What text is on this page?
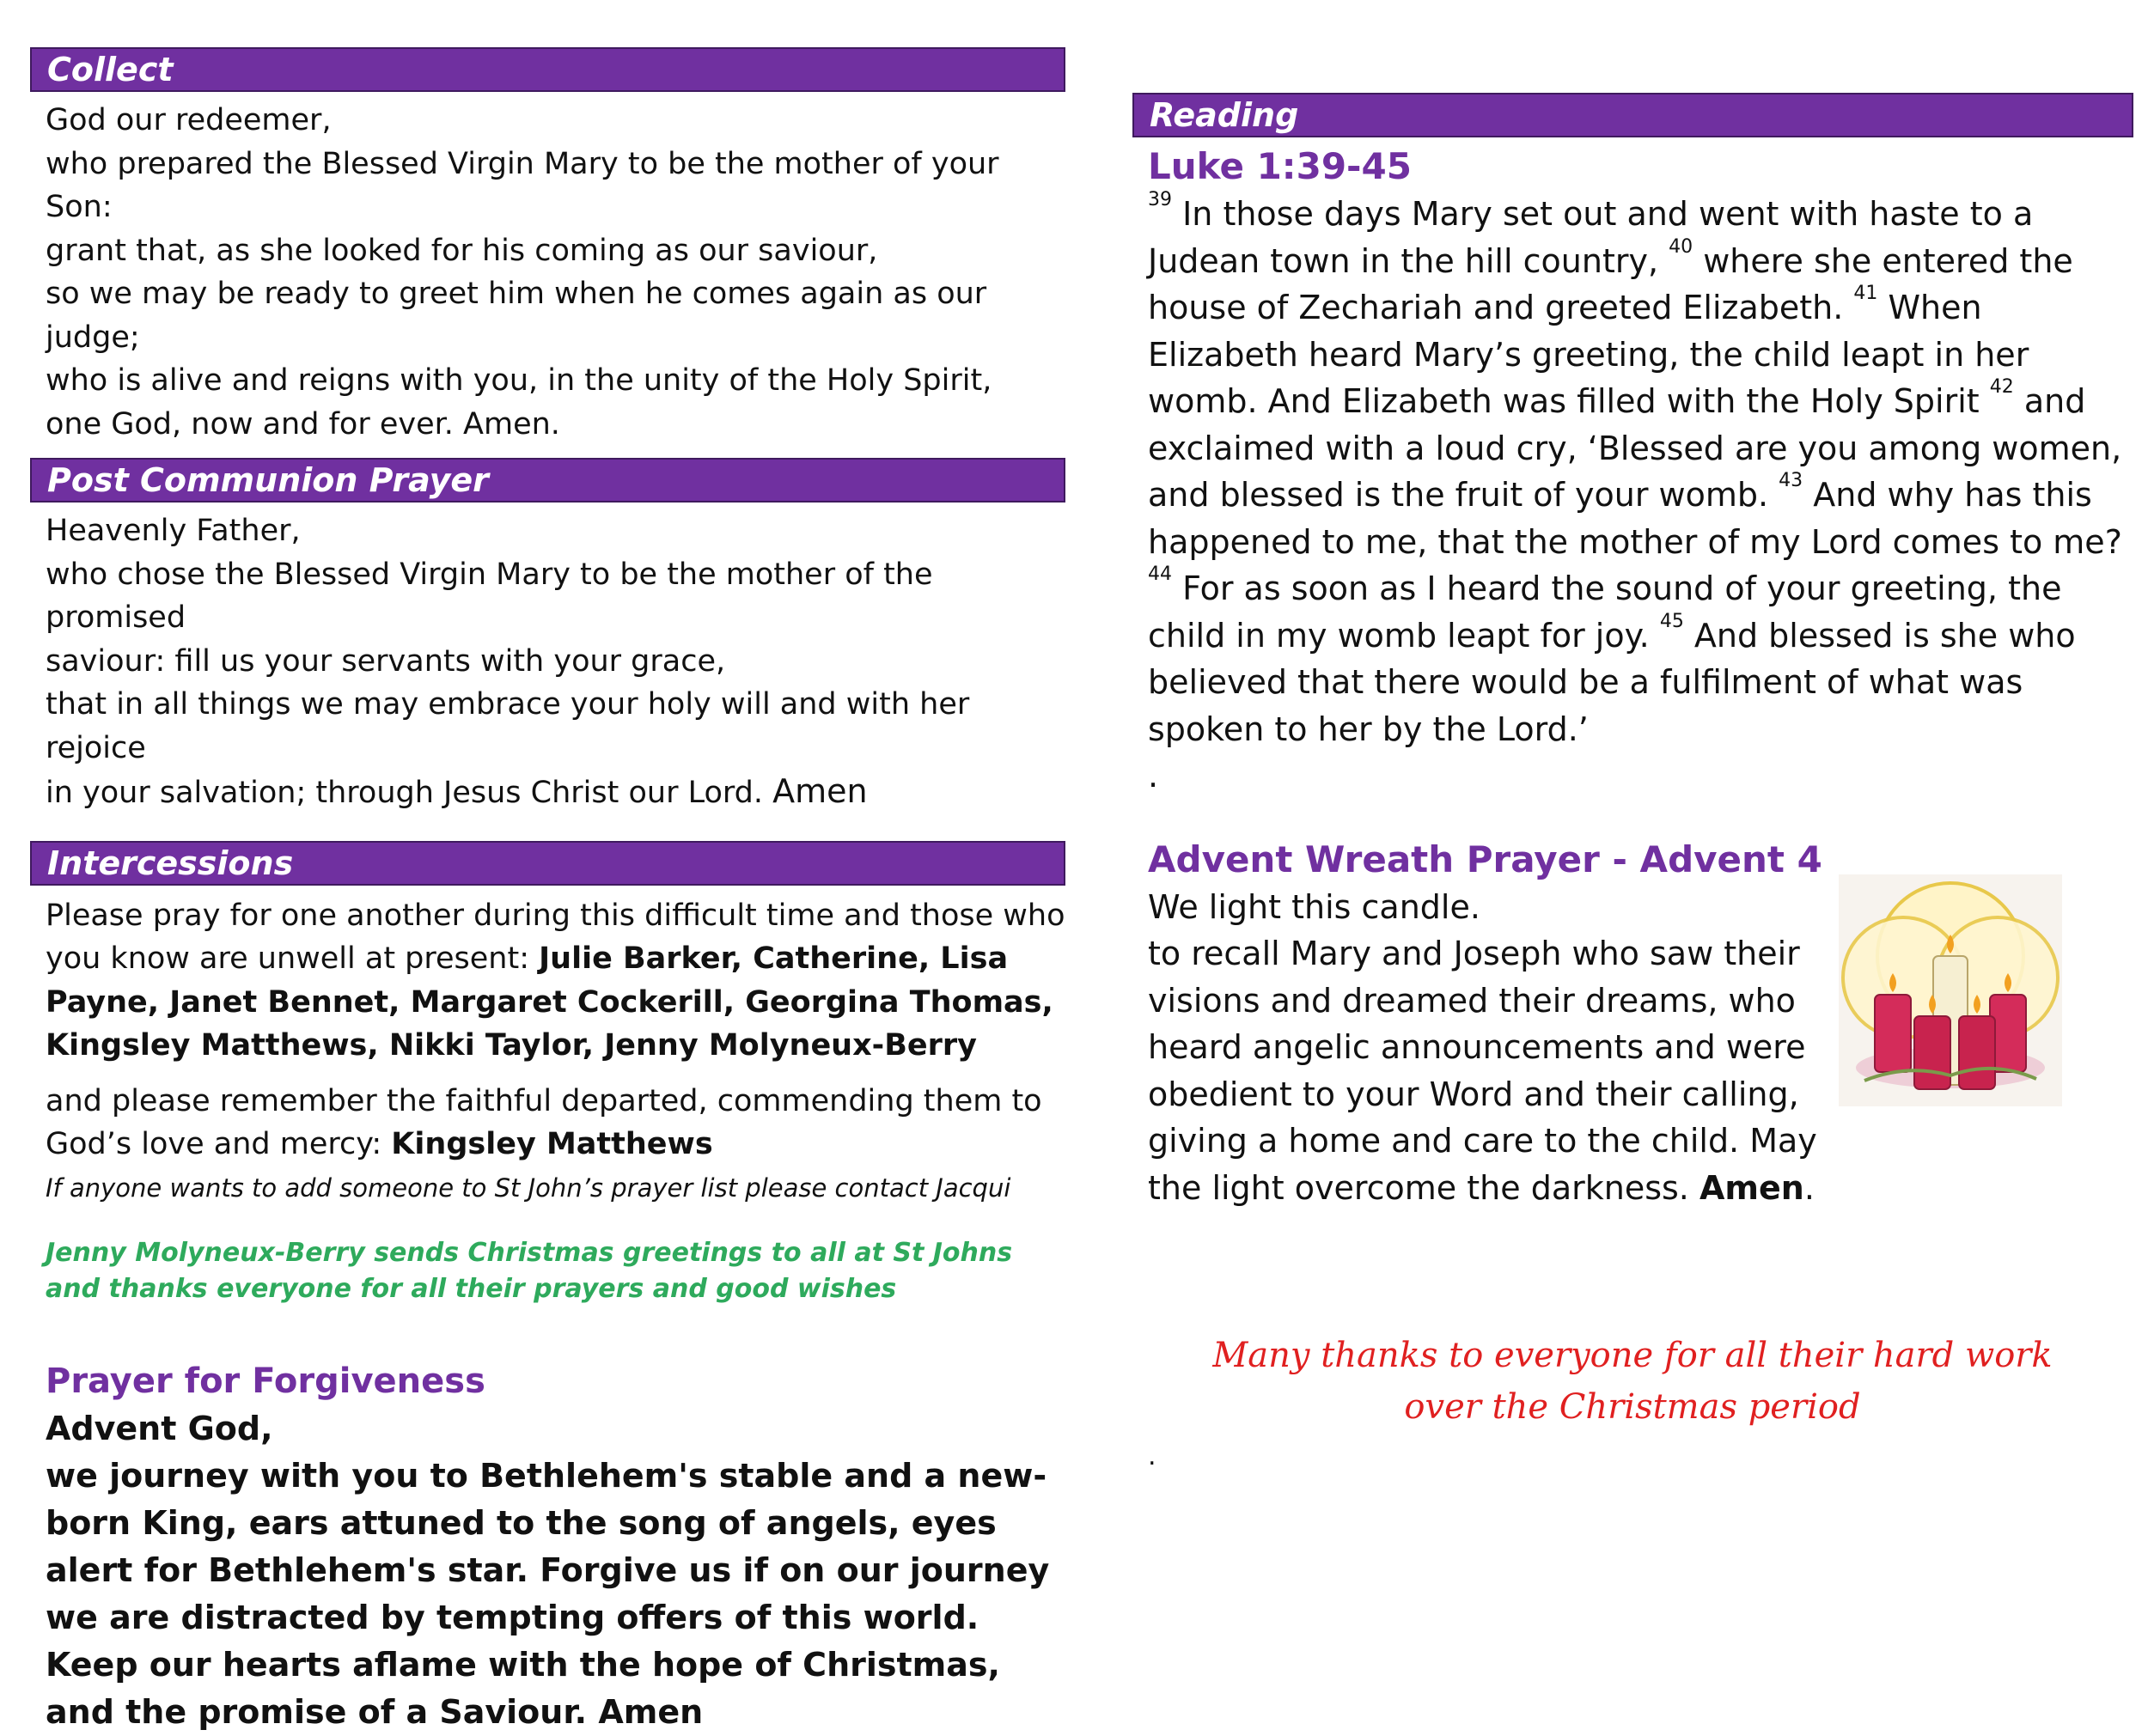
Collect

God our redeemer,

who prepared the Blessed Virgin Mary to be the mother of your Son:

grant that, as she looked for his coming as our saviour,

so we may be ready to greet him when he comes again as our judge;

who is alive and reigns with you, in the unity of the Holy Spirit,

one God, now and for ever. Amen.

Post Communion Prayer

Heavenly Father,

who chose the Blessed Virgin Mary to be the mother of the promised

saviour: fill us your servants with your grace,

that in all things we may embrace your holy will and with her rejoice

in your salvation; through Jesus Christ our Lord. Amen

Intercessions

Please pray for one another during this difficult time and those who you know are unwell at present: Julie Barker, Catherine, Lisa Payne, Janet Bennet, Margaret Cockerill, Georgina Thomas, Kingsley Matthews, Nikki Taylor, Jenny Molyneux-Berry

and please remember the faithful departed, commending them to God’s love and mercy: Kingsley Matthews

If anyone wants to add someone to St John’s prayer list please contact Jacqui

Jenny Molyneux-Berry sends Christmas greetings to all at St Johns and thanks everyone for all their prayers and good wishes

Prayer for Forgiveness

Advent God,

we journey with you to Bethlehem's stable and a new-born King, ears attuned to the song of angels, eyes alert for Bethlehem's star. Forgive us if on our journey we are distracted by tempting offers of this world. Keep our hearts aflame with the hope of Christmas, and the promise of a Saviour. Amen

Reading

Luke 1:39-45

$^{39}$ In those days Mary set out and went with haste to a Judean town in the hill country, $^{40}$ where she entered the house of Zechariah and greeted Elizabeth. $^{41}$ When Elizabeth heard Mary’s greeting, the child leapt in her womb. And Elizabeth was filled with the Holy Spirit $^{42}$ and exclaimed with a loud cry, ‘Blessed are you among women, and blessed is the fruit of your womb. $^{43}$ And why has this happened to me, that the mother of my Lord comes to me? $^{44}$ For as soon as I heard the sound of your greeting, the child in my womb leapt for joy. $^{45}$ And blessed is she who believed that there would be a fulfilment of what was spoken to her by the Lord.’

.

Advent Wreath Prayer - Advent 4

We light this candle.

to recall Mary and Joseph who saw their visions and dreamed their dreams, who heard angelic announcements and were obedient to your Word and their calling, giving a home and care to the child. May the light overcome the darkness. Amen.

Many thanks to everyone for all their hard work
over the Christmas period
.
